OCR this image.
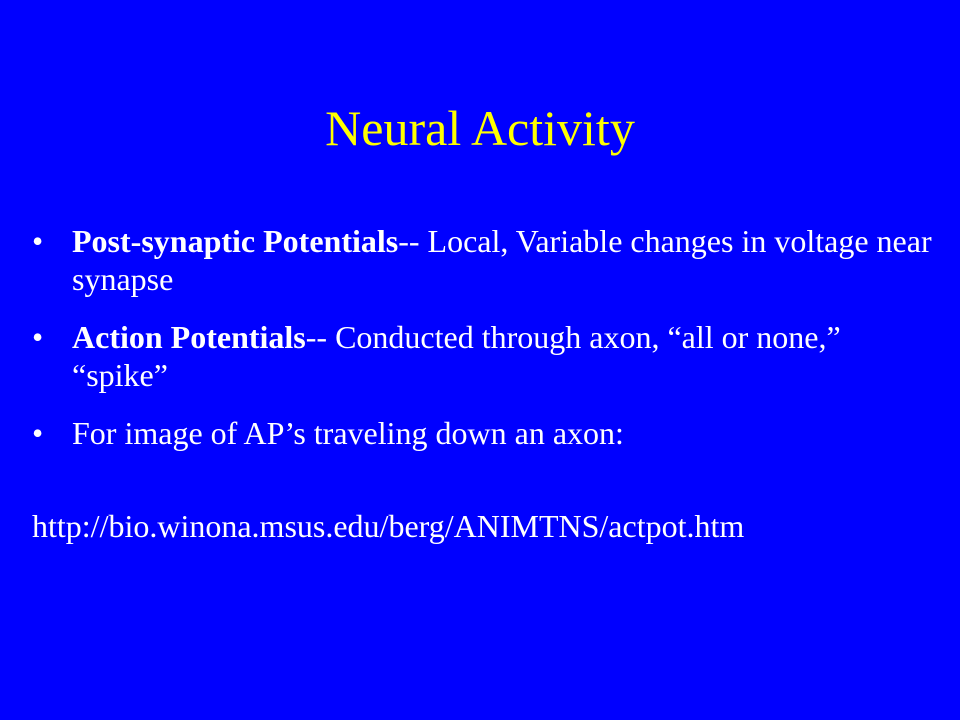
Neural Activity
• Post-synaptic Potentials-- Local, Variable changes in voltage near synapse
• Action Potentials-- Conducted through axon, “all or none,” “spike”
• For image of AP’s traveling down an axon:
http://bio.winona.msus.edu/berg/ANIMTNS/actpot.htm
